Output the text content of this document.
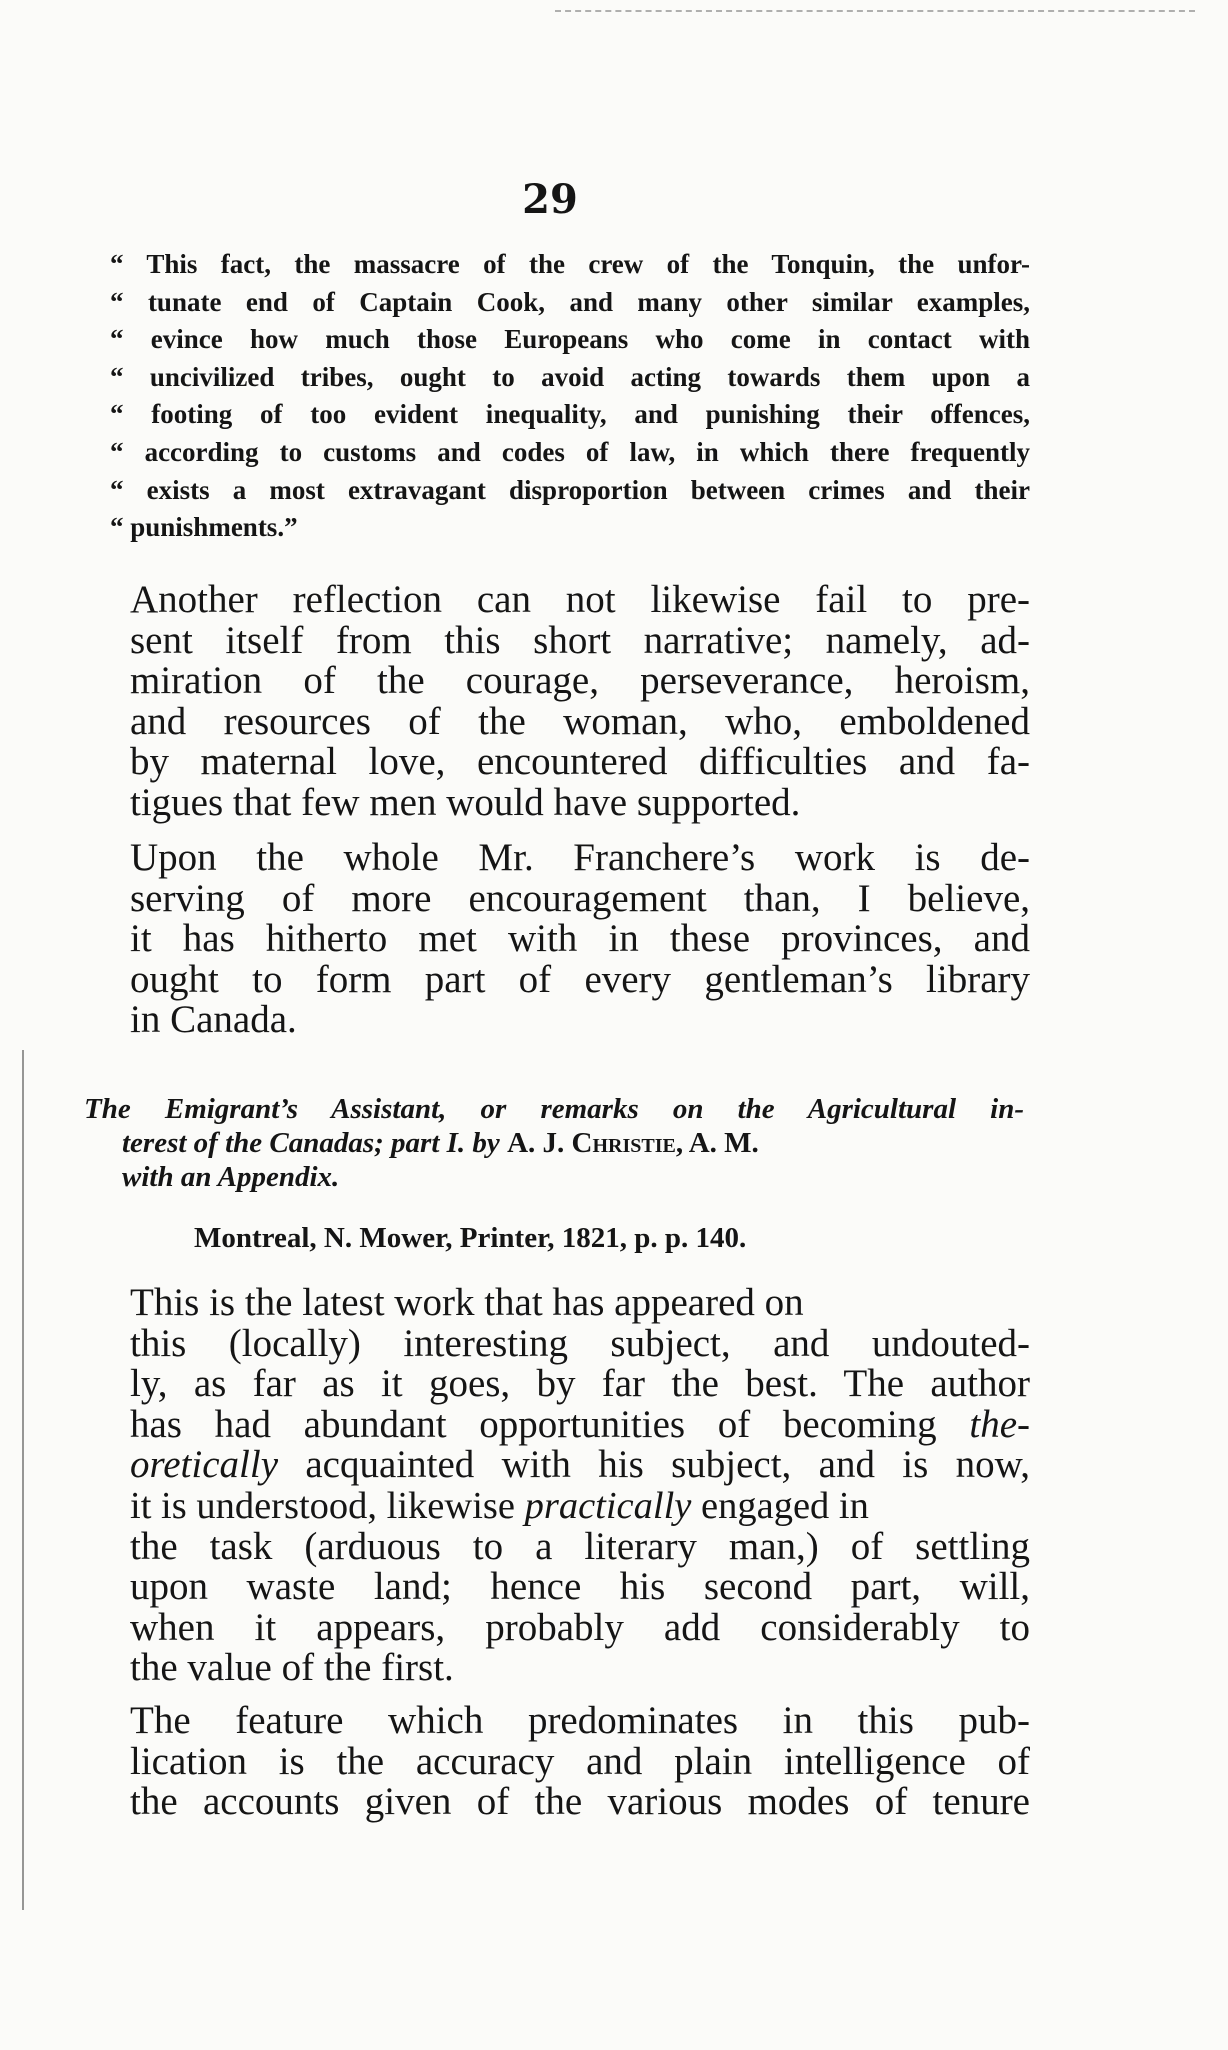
29
“ This fact, the massacre of the crew of the Tonquin, the unfor-
“ tunate end of Captain Cook, and many other similar examples,
“ evince how much those Europeans who come in contact with
“ uncivilized tribes, ought to avoid acting towards them upon a
“ footing of too evident inequality, and punishing their offences,
“ according to customs and codes of law, in which there frequently
“ exists a most extravagant disproportion between crimes and their
“ punishments.”
Another reflection can not likewise fail to pre-
sent itself from this short narrative; namely, ad-
miration of the courage, perseverance, heroism,
and resources of the woman, who, emboldened
by maternal love, encountered difficulties and fa-
tigues that few men would have supported.
Upon the whole Mr. Franchere’s work is de-
serving of more encouragement than, I believe,
it has hitherto met with in these provinces, and
ought to form part of every gentleman’s library
in Canada.
The Emigrant’s Assistant, or remarks on the Agricultural in-
terest of the Canadas; part I. by A. J. Christie, A. M.
with an Appendix.
Montreal, N. Mower, Printer, 1821, p. p. 140.
This is the latest work that has appeared on
this (locally) interesting subject, and undouted-
ly, as far as it goes, by far the best. The author
has had abundant opportunities of becoming the-
oretically acquainted with his subject, and is now,
it is understood, likewise practically engaged in
the task (arduous to a literary man,) of settling
upon waste land; hence his second part, will,
when it appears, probably add considerably to
the value of the first.
The feature which predominates in this pub-
lication is the accuracy and plain intelligence of
the accounts given of the various modes of tenure
